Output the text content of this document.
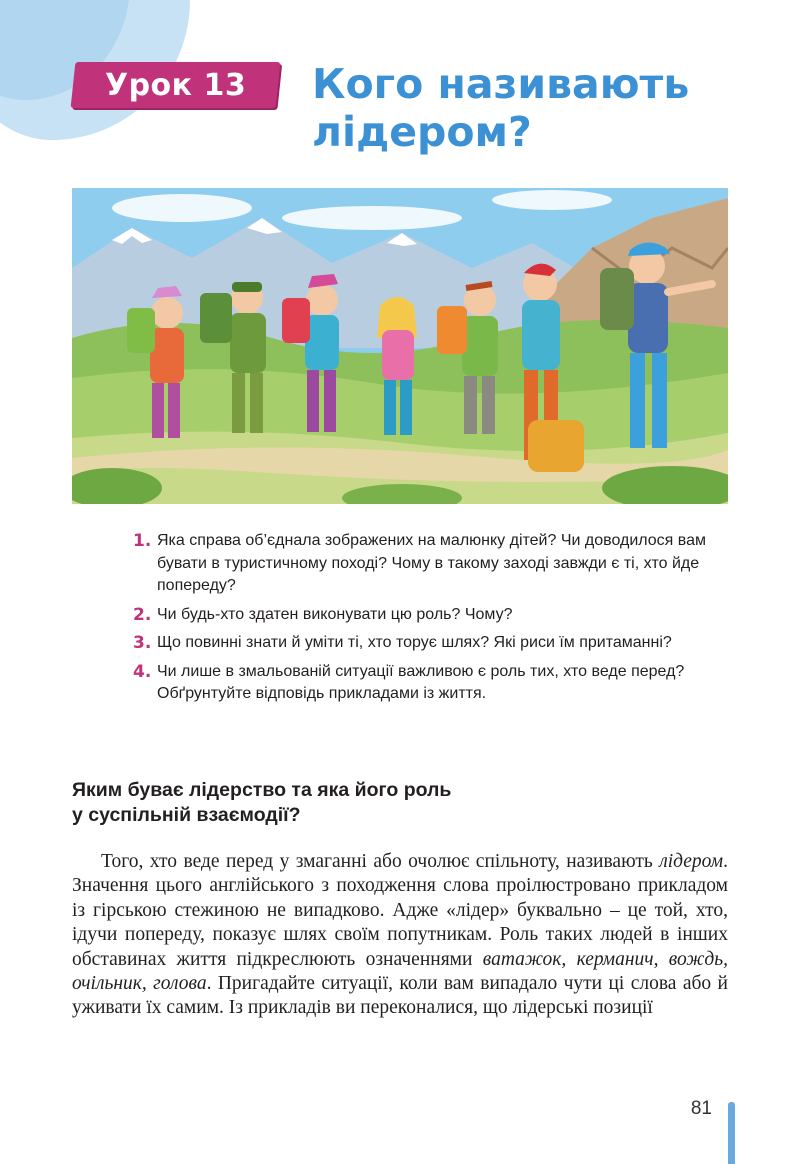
Урок 13 Кого називають
лідером?
1. Яка справа об’єднала зображених на малюнку дітей? Чи доводилося вам бувати в туристичному поході? Чому в такому заході завжди є ті, хто йде попереду?
2. Чи будь-хто здатен виконувати цю роль? Чому?
3. Що повинні знати й уміти ті, хто торує шлях? Які риси їм притаманні?
4. Чи лише в змальованій ситуації важливою є роль тих, хто веде перед? Обґрунтуйте відповідь прикладами із життя.
Яким буває лідерство та яка його роль
у суспільній взаємодії?

Того, хто веде перед у змаганні або очолює спільноту, називають лідером. Значення цього англійського з походження слова проілюстровано прикладом із гірською стежиною не випадково. Адже «лідер» буквально – це той, хто, ідучи попереду, показує шлях своїм попутникам. Роль таких людей в інших обставинах життя підкреслюють означеннями ватажок, керманич, вождь, очільник, голова. Пригадайте ситуації, коли вам випадало чути ці слова або й уживати їх самим. Із прикладів ви переконалися, що лідерські позиції

81
